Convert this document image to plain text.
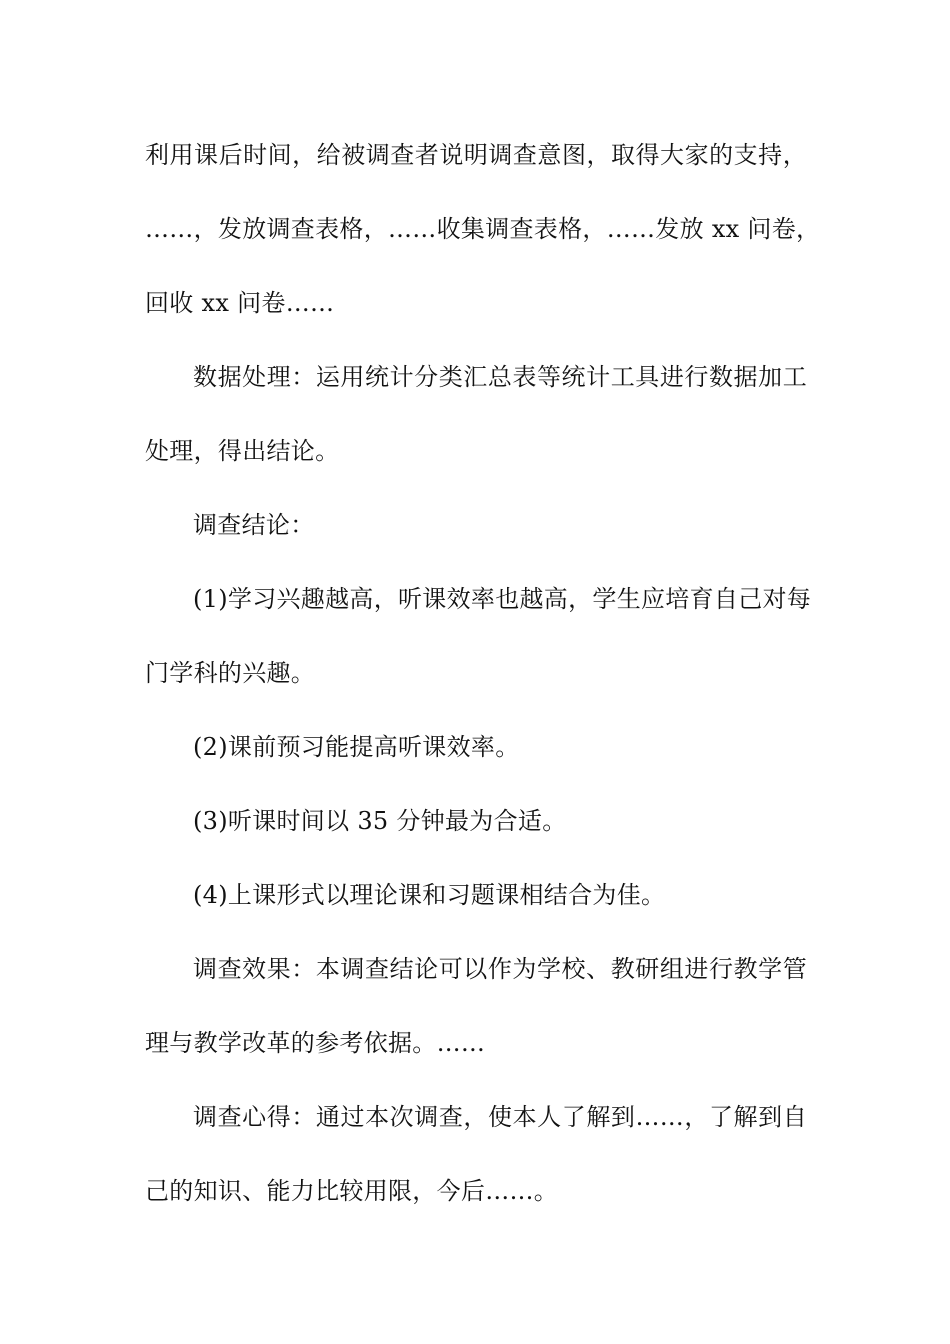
利用课后时间，给被调查者说明调查意图，取得大家的支持，
……，发放调查表格，……收集调查表格，……发放 xx 问卷，
回收 xx 问卷……
数据处理：运用统计分类汇总表等统计工具进行数据加工
处理，得出结论。
调查结论：
(1)学习兴趣越高，听课效率也越高，学生应培育自己对每
门学科的兴趣。
(2)课前预习能提高听课效率。
(3)听课时间以 35 分钟最为合适。
(4)上课形式以理论课和习题课相结合为佳。
调查效果：本调查结论可以作为学校、教研组进行教学管
理与教学改革的参考依据。……
调查心得：通过本次调查，使本人了解到……，了解到自
己的知识、能力比较用限，今后……。
